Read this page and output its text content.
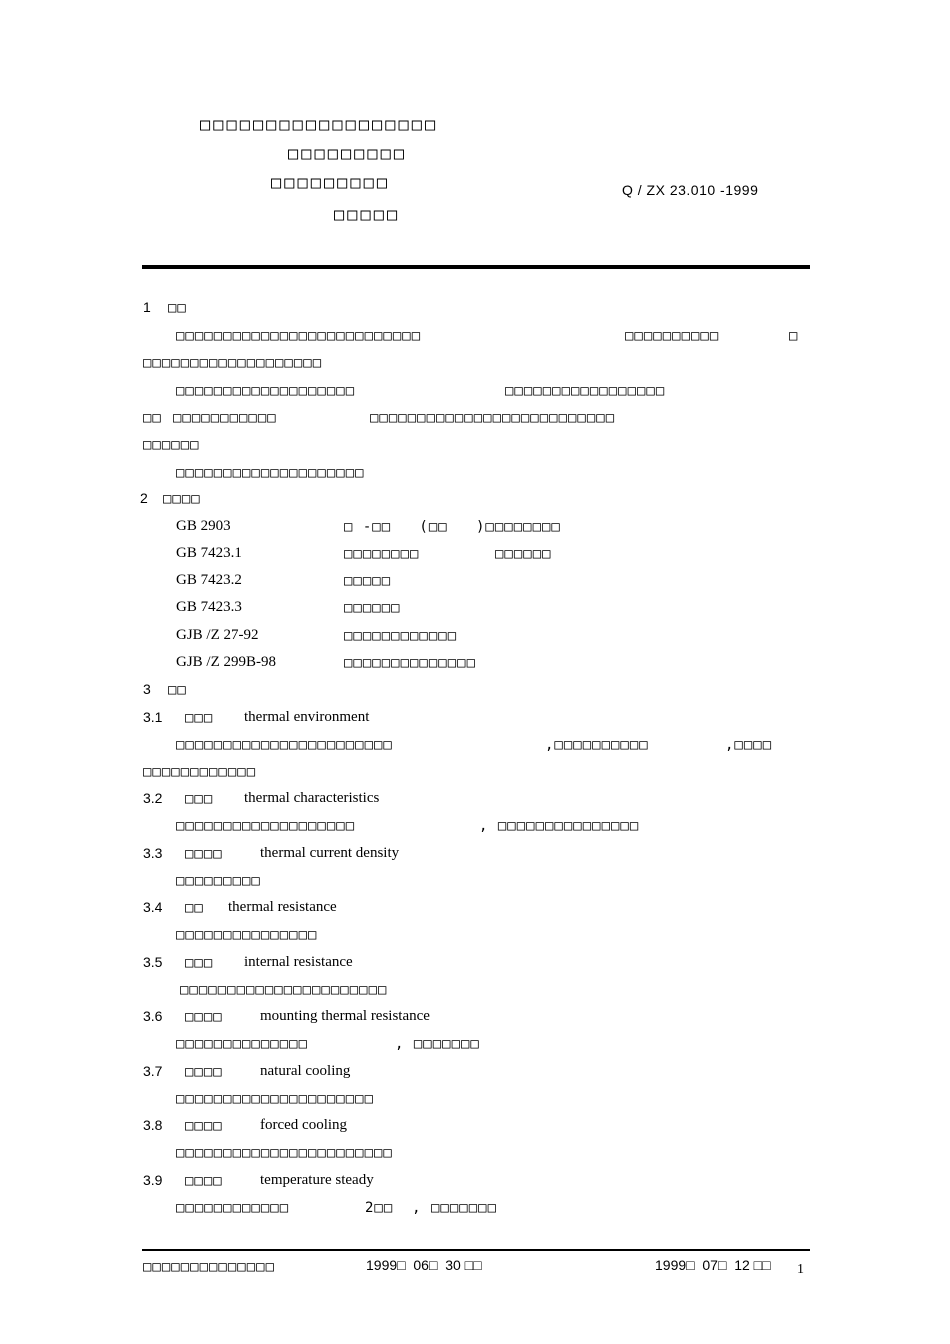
□□□□□□□□□□□□□□□□□□
□□□□□□□□□
□□□□□□□□□
□□□□□
Q / ZX 23.010 -1999
1 □□
□□□□□□□□□□□□□□□□□□□□□□□□□□	□□□□□□□□□□	□
□□□□□□□□□□□□□□□□□□□
□□□□□□□□□□□□□□□□□□□	□□□□□□□□□□□□□□□□□
□□ □□□□□□□□□□□	□□□□□□□□□□□□□□□□□□□□□□□□□□
□□□□□□
□□□□□□□□□□□□□□□□□□□□
2 □□□□
GB 2903	□ -□□   (□□   )□□□□□□□□
GB 7423.1	□□□□□□□□	□□□□□□
GB 7423.2	□□□□□
GB 7423.3	□□□□□□
GJB /Z 27-92	□□□□□□□□□□□□
GJB /Z 299B-98	□□□□□□□□□□□□□□
3 □□
3.1 □□□ thermal environment
□□□□□□□□□□□□□□□□□□□□□□□	,□□□□□□□□□□	,□□□□
□□□□□□□□□□□□
3.2 □□□ thermal characteristics
□□□□□□□□□□□□□□□□□□□	, □□□□□□□□□□□□□□□
3.3 □□□□ thermal current density
□□□□□□□□□
3.4 □□ thermal resistance
□□□□□□□□□□□□□□□
3.5 □□□ internal resistance
□□□□□□□□□□□□□□□□□□□□□□
3.6 □□□□ mounting thermal resistance
□□□□□□□□□□□□□□	, □□□□□□□
3.7 □□□□ natural cooling
□□□□□□□□□□□□□□□□□□□□□
3.8 □□□□ forced cooling
□□□□□□□□□□□□□□□□□□□□□□□
3.9 □□□□ temperature steady
□□□□□□□□□□□□	2□□  , □□□□□□□
□□□□□□□□□□□□□□	1999□  06□  30 □□	1999□  07□  12 □□ 1
